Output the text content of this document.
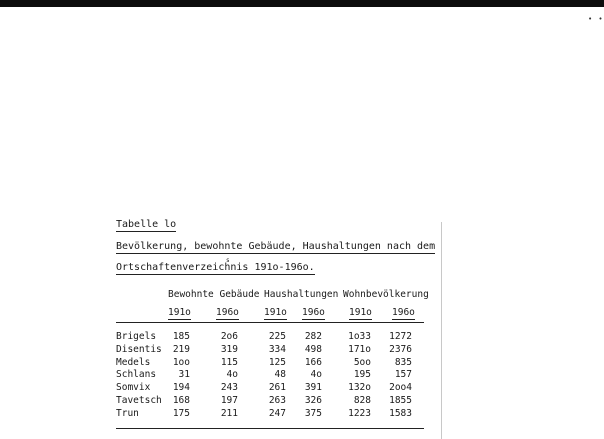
• •
Tabelle lo
Bevölkerung, bewohnte Gebäude, Haushaltungen nach dem
s
Ortschaftenverzeichnis 191o-196o.
Bewohnte Gebäude Haushaltungen Wohnbevölkerung
191o	196o	191o 196o	191o 196o
Brigels	185	2o6	225	282	1o33	1272
Disentis	219	319	334	498	171o	2376
Medels	1oo	115	125	166	5oo	835
Schlans	31	4o	48	4o	195	157
Somvix	194	243	261	391	132o	2oo4
Tavetsch	168	197	263	326	828	1855
Trun	175	211	247	375	1223	1583
